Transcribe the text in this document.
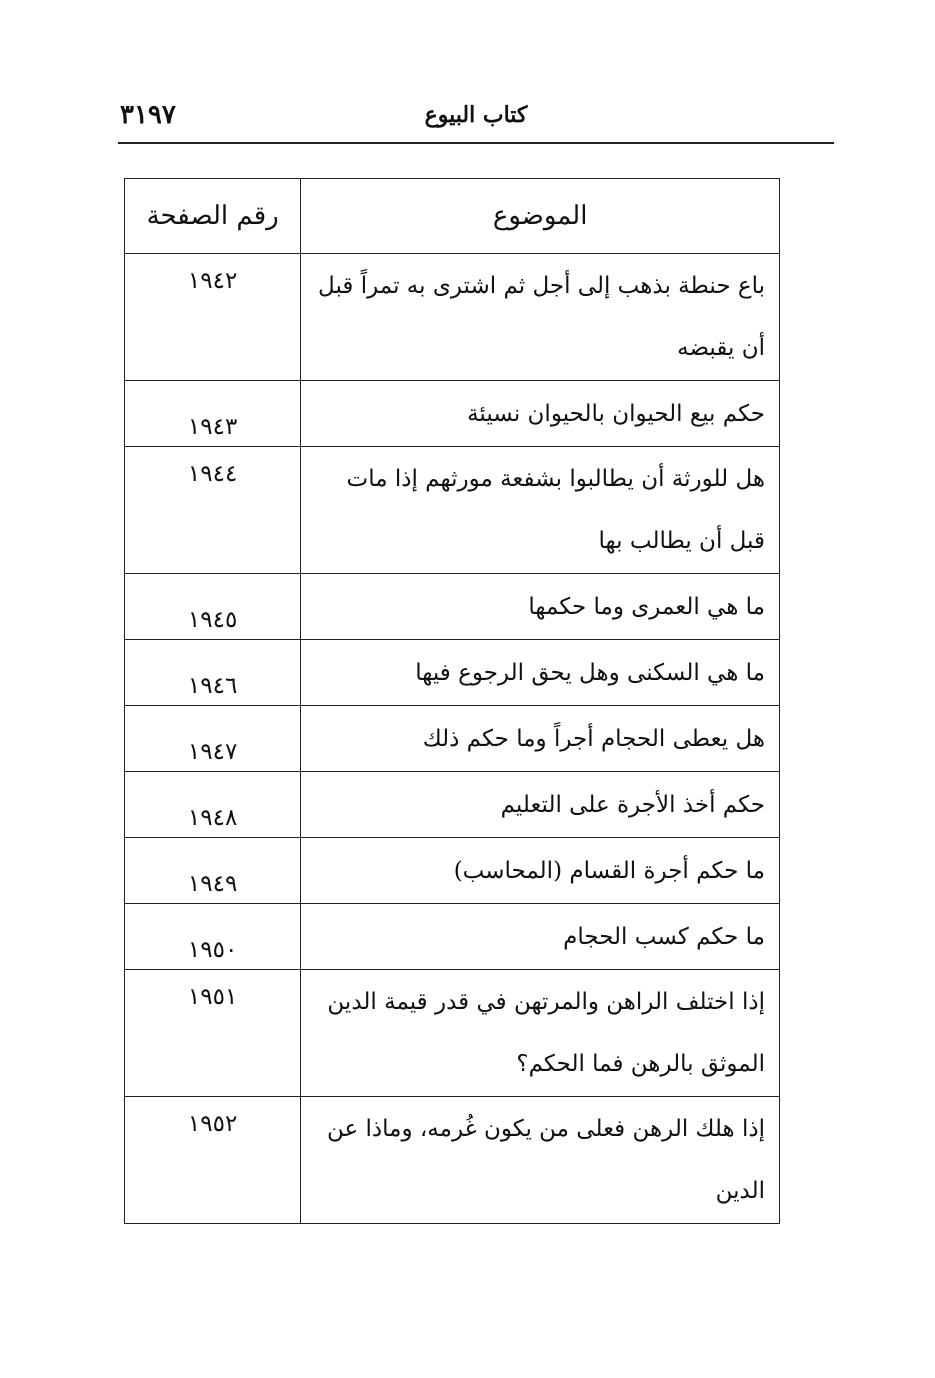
٣١٩٧	كتاب البيوع
الموضوع	رقم الصفحة
باع حنطة بذهب إلى أجل ثم اشترى به تمراً قبل أن يقبضه	١٩٤٢
حكم بيع الحيوان بالحيوان نسيئة	١٩٤٣
هل للورثة أن يطالبوا بشفعة مورثهم إذا مات قبل أن يطالب بها	١٩٤٤
ما هي العمرى وما حكمها	١٩٤٥
ما هي السكنى وهل يحق الرجوع فيها	١٩٤٦
هل يعطى الحجام أجراً وما حكم ذلك	١٩٤٧
حكم أخذ الأجرة على التعليم	١٩٤٨
ما حكم أجرة القسام (المحاسب)	١٩٤٩
ما حكم كسب الحجام	١٩٥٠
إذا اختلف الراهن والمرتهن في قدر قيمة الدين الموثق بالرهن فما الحكم؟	١٩٥١
إذا هلك الرهن فعلى من يكون غُرمه، وماذا عن الدين	١٩٥٢
